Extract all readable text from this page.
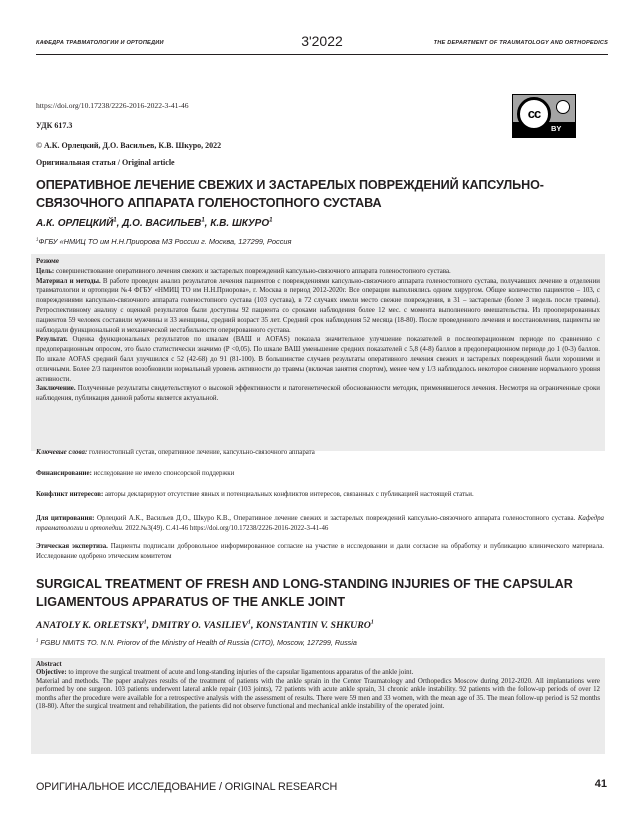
КАФЕДРА ТРАВМАТОЛОГИИ И ОРТОПЕДИИ	3'2022	THE DEPARTMENT OF TRAUMATOLOGY AND ORTHOPEDICS
https://doi.org/10.17238/2226-2016-2022-3-41-46
cc
BY
УДК 617.3
© А.К. Орлецкий, Д.О. Васильев, К.В. Шкуро, 2022
Оригинальная статья / Original article
ОПЕРАТИВНОЕ ЛЕЧЕНИЕ СВЕЖИХ И ЗАСТАРЕЛЫХ ПОВРЕЖДЕНИЙ КАПСУЛЬНО-СВЯЗОЧНОГО АППАРАТА ГОЛЕНОСТОПНОГО СУСТАВА
А.К. ОРЛЕЦКИЙ$^1$, Д.О. ВАСИЛЬЕВ$^1$, К.В. ШКУРО$^1$
$^1$ФГБУ «НМИЦ ТО им Н.Н.Приорова МЗ России г. Москва, 127299, Россия
Резюме

Цель: совершенствование оперативного лечения свежих и застарелых повреждений капсульно-связочного аппарата голеностопного сустава.

Материал и методы. В работе проведен анализ результатов лечения пациентов с повреждениями капсульно-связочного аппарата голеностопного сустава, получавших лечение в отделении травматологии и ортопедии №4 ФГБУ «НМИЦ ТО им Н.Н.Приорова», г. Москва в период 2012-2020г. Все операции выполнялись одним хирургом. Общее количество пациентов – 103, с повреждениями капсульно-связочного аппарата голеностопного сустава (103 сустава), в 72 случаях имели место свежие повреждения, в 31 – застарелые (более 3 недель после травмы). Ретроспективному анализу с оценкой результатов были доступны 92 пациента со сроками наблюдения более 12 мес. с момента выполненного вмешательства. Из прооперированных пациентов 59 человек составили мужчины и 33 женщины, средний возраст 35 лет. Средний срок наблюдения 52 месяца (18-80). После проведенного лечения и восстановления, пациенты не наблюдали функциональной и механической нестабильности оперированного сустава.

Результат. Оценка функциональных результатов по шкалам (ВАШ и AOFAS) показала значительное улучшение показателей в послеоперационном периоде по сравнению с предоперационным опросом, это было статистически значимо (P <0,05). По шкале ВАШ уменьшение средних показателей с 5,8 (4-8) баллов в предоперационном периоде до 1 (0-3) баллов. По шкале AOFAS средний балл улучшился с 52 (42-68) до 91 (81-100). В большинстве случаев результаты оперативного лечения свежих и застарелых повреждений были хорошими и отличными. Более 2/3 пациентов возобновили нормальный уровень активности до травмы (включая занятия спортом), менее чем у 1/3 наблюдалось некоторое снижение нормального уровня активности.

Заключение. Полученные результаты свидетельствуют о высокой эффективности и патогенетической обоснованности методик, применявшегося лечения. Несмотря на ограниченные сроки наблюдения, публикация данной работы является актуальной.

Ключевые слова: голеностопный сустав, оперативное лечение, капсульно-связочного аппарата
Финансирование: исследование не имело спонсорской поддержки
Конфликт интересов: авторы декларируют отсутствие явных и потенциальных конфликтов интересов, связанных с публикацией настоящей статьи.
Для цитирования: Орлецкий А.К., Васильев Д.О., Шкуро К.В., Оперативное лечение свежих и застарелых повреждений капсульно-связочного аппарата голеностопного сустава. Кафедра травматологии и ортопедии. 2022.№3(49). С.41-46 https://doi.org/10.17238/2226-2016-2022-3-41-46
Этическая экспертиза. Пациенты подписали добровольное информированное согласие на участие в исследовании и дали согласие на обработку и публикацию клинического материала. Исследование одобрено этическим комитетом
SURGICAL TREATMENT OF FRESH AND LONG-STANDING INJURIES OF THE CAPSULAR LIGAMENTOUS APPARATUS OF THE ANKLE JOINT
ANATOLY K. ORLETSKY$^1$, DMITRY O. VASILIEV$^1$, KONSTANTIN V. SHKURO$^1$
$^1$ FGBU NMITS TO. N.N. Priorov of the Ministry of Health of Russia (CITO), Moscow, 127299, Russia
Abstract

Objective: to improve the surgical treatment of acute and long-standing injuries of the capsular ligamentous apparatus of the ankle joint.

Material and methods. The paper analyzes results of the treatment of patients with the ankle sprain in the Center Traumatology and Orthopedics Moscow during 2012-2020. All implantations were performed by one surgeon. 103 patients underwent lateral ankle repair (103 joints), 72 patients with acute ankle sprain, 31 chronic ankle instability. 92 patients with the follow-up periods of over 12 months after the procedure were available for a retrospective analysis with the assessment of results. There were 59 men and 33 women, with the mean age of 35. The mean follow-up period is 52 months (18-80). After the surgical treatment and rehabilitation, the patients did not observe functional and mechanical ankle instability of the operated joint.

ОРИГИНАЛЬНОЕ ИССЛЕДОВАНИЕ / ORIGINAL RESEARCH	41
